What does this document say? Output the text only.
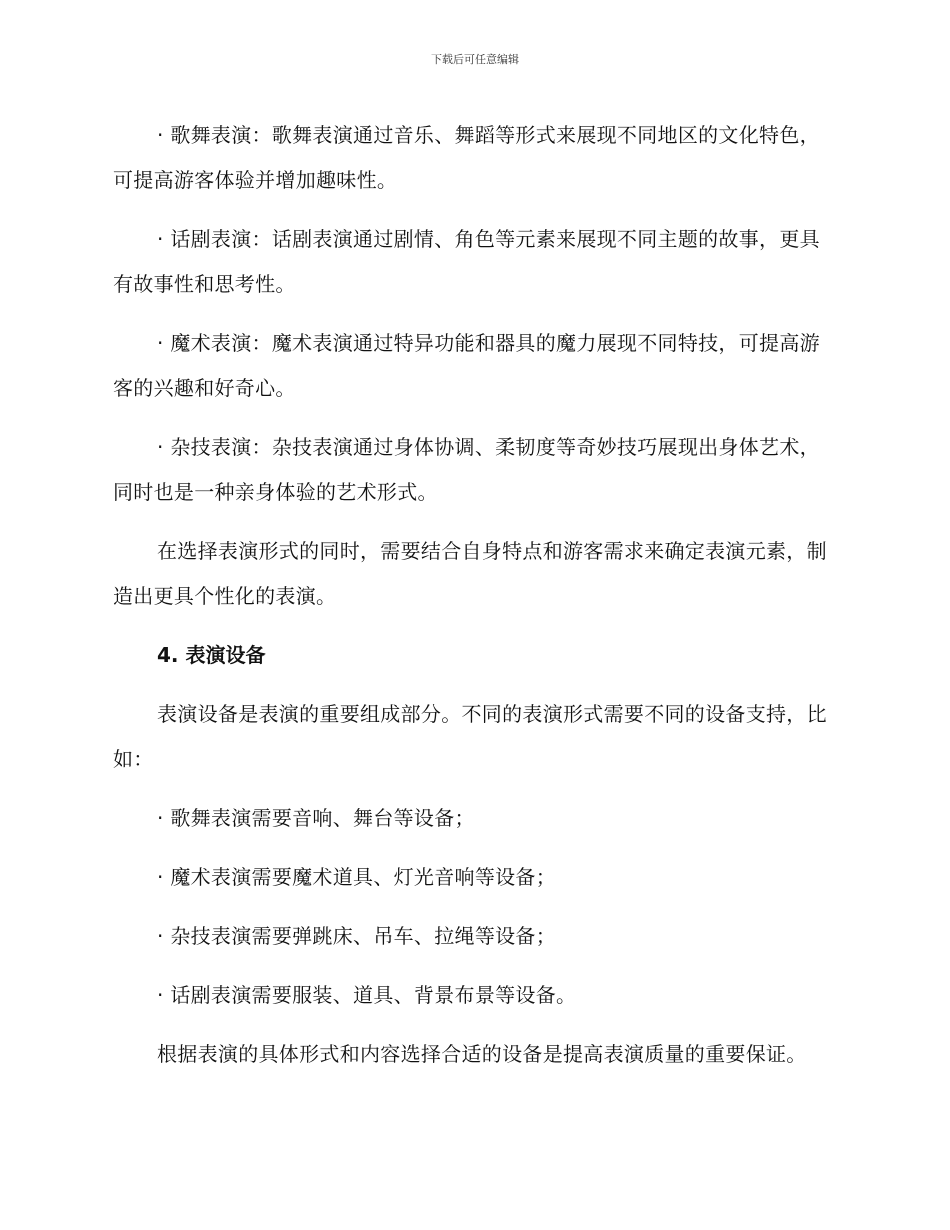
下载后可任意编辑

· 歌舞表演：歌舞表演通过音乐、舞蹈等形式来展现不同地区的文化特色，可提高游客体验并增加趣味性。

· 话剧表演：话剧表演通过剧情、角色等元素来展现不同主题的故事，更具有故事性和思考性。

· 魔术表演：魔术表演通过特异功能和器具的魔力展现不同特技，可提高游客的兴趣和好奇心。

· 杂技表演：杂技表演通过身体协调、柔韧度等奇妙技巧展现出身体艺术，同时也是一种亲身体验的艺术形式。

在选择表演形式的同时，需要结合自身特点和游客需求来确定表演元素，制造出更具个性化的表演。

4. 表演设备

表演设备是表演的重要组成部分。不同的表演形式需要不同的设备支持，比如：

· 歌舞表演需要音响、舞台等设备；

· 魔术表演需要魔术道具、灯光音响等设备；

· 杂技表演需要弹跳床、吊车、拉绳等设备；

· 话剧表演需要服装、道具、背景布景等设备。

根据表演的具体形式和内容选择合适的设备是提高表演质量的重要保证。
